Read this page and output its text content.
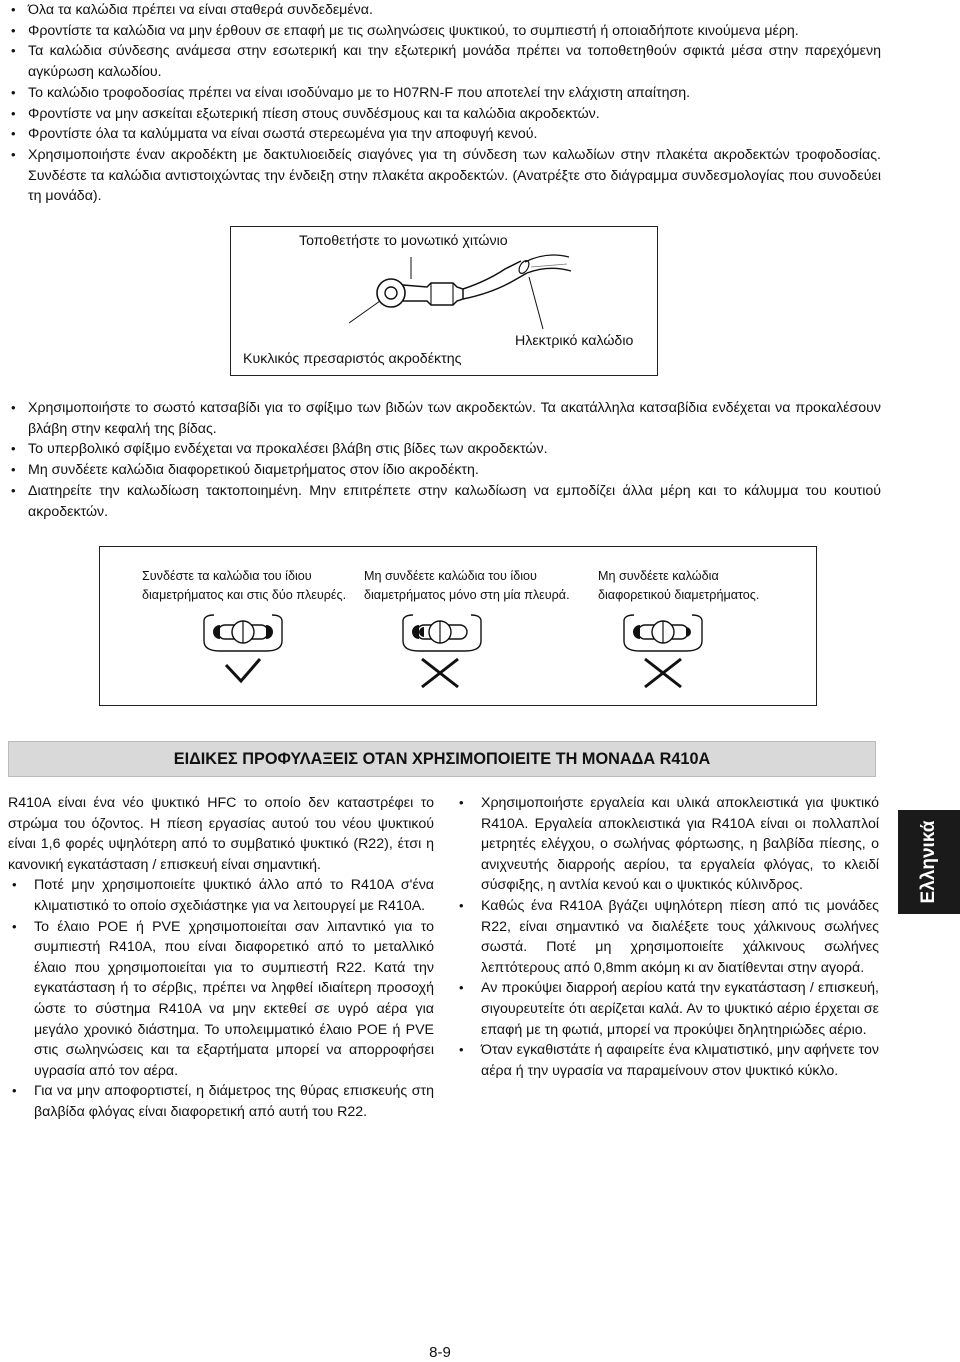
• Όλα τα καλώδια πρέπει να είναι σταθερά συνδεδεμένα.
• Φροντίστε τα καλώδια να μην έρθουν σε επαφή με τις σωληνώσεις ψυκτικού, το συμπιεστή ή οποιαδήποτε κινούμενα μέρη.
• Τα καλώδια σύνδεσης ανάμεσα στην εσωτερική και την εξωτερική μονάδα πρέπει να τοποθετηθούν σφικτά μέσα στην παρεχόμενη αγκύρωση καλωδίου.
• Το καλώδιο τροφοδοσίας πρέπει να είναι ισοδύναμο με το H07RN-F που αποτελεί την ελάχιστη απαίτηση.
• Φροντίστε να μην ασκείται εξωτερική πίεση στους συνδέσμους και τα καλώδια ακροδεκτών.
• Φροντίστε όλα τα καλύμματα να είναι σωστά στερεωμένα για την αποφυγή κενού.
• Χρησιμοποιήστε έναν ακροδέκτη με δακτυλιοειδείς σιαγόνες για τη σύνδεση των καλωδίων στην πλακέτα ακροδεκτών τροφοδοσίας. Συνδέστε τα καλώδια αντιστοιχώντας την ένδειξη στην πλακέτα ακροδεκτών. (Ανατρέξτε στο διάγραμμα συνδεσμολογίας που συνοδεύει τη μονάδα).
Τοποθετήστε το μονωτικό χιτώνιο
Κυκλικός πρεσαριστός ακροδέκτης
Ηλεκτρικό καλώδιο
• Χρησιμοποιήστε το σωστό κατσαβίδι για το σφίξιμο των βιδών των ακροδεκτών. Τα ακατάλληλα κατσαβίδια ενδέχεται να προκαλέσουν βλάβη στην κεφαλή της βίδας.
• Το υπερβολικό σφίξιμο ενδέχεται να προκαλέσει βλάβη στις βίδες των ακροδεκτών.
• Μη συνδέετε καλώδια διαφορετικού διαμετρήματος στον ίδιο ακροδέκτη.
• Διατηρείτε την καλωδίωση τακτοποιημένη. Μην επιτρέπετε στην καλωδίωση να εμποδίζει άλλα μέρη και το κάλυμμα του κουτιού ακροδεκτών.
Συνδέστε τα καλώδια του ίδιου
διαμετρήματος και στις δύο πλευρές.
Μη συνδέετε καλώδια του ίδιου
διαμετρήματος μόνο στη μία πλευρά.
Μη συνδέετε καλώδια
διαφορετικού διαμετρήματος.
ΕΙΔΙΚΕΣ ΠΡΟΦΥΛΑΞΕΙΣ ΟΤΑΝ ΧΡΗΣΙΜΟΠΟΙΕΙΤΕ ΤΗ ΜΟΝΑΔΑ R410A

R410A είναι ένα νέο ψυκτικό HFC το οποίο δεν καταστρέφει το στρώμα του όζοντος. Η πίεση εργασίας αυτού του νέου ψυκτικού είναι 1,6 φορές υψηλότερη από το συμβατικό ψυκτικό (R22), έτσι η κανονική εγκατάσταση / επισκευή είναι σημαντική.

• Ποτέ μην χρησιμοποιείτε ψυκτικό άλλο από το R410A σ'ένα κλιματιστικό το οποίο σχεδιάστηκε για να λειτουργεί με R410A.
• Το έλαιο POE ή PVE χρησιμοποιείται σαν λιπαντικό για το συμπιεστή R410A, που είναι διαφορετικό από το μεταλλικό έλαιο που χρησιμοποιείται για το συμπιεστή R22. Κατά την εγκατάσταση ή το σέρβις, πρέπει να ληφθεί ιδιαίτερη προσοχή ώστε το σύστημα R410A να μην εκτεθεί σε υγρό αέρα για μεγάλο χρονικό διάστημα. Το υπολειμματικό έλαιο POE ή PVE στις σωληνώσεις και τα εξαρτήματα μπορεί να απορροφήσει υγρασία από τον αέρα.
• Για να μην αποφορτιστεί, η διάμετρος της θύρας επισκευής στη βαλβίδα φλόγας είναι διαφορετική από αυτή του R22.
• Χρησιμοποιήστε εργαλεία και υλικά αποκλειστικά για ψυκτικό R410A. Εργαλεία αποκλειστικά για R410A είναι οι πολλαπλοί μετρητές ελέγχου, ο σωλήνας φόρτωσης, η βαλβίδα πίεσης, ο ανιχνευτής διαρροής αερίου, τα εργαλεία φλόγας, το κλειδί σύσφιξης, η αντλία κενού και ο ψυκτικός κύλινδρος.
• Καθώς ένα R410A βγάζει υψηλότερη πίεση από τις μονάδες R22, είναι σημαντικό να διαλέξετε τους χάλκινους σωλήνες σωστά. Ποτέ μη χρησιμοποιείτε χάλκινους σωλήνες λεπτότερους από 0,8mm ακόμη κι αν διατίθενται στην αγορά.
• Αν προκύψει διαρροή αερίου κατά την εγκατάσταση / επισκευή, σιγουρευτείτε ότι αερίζεται καλά. Αν το ψυκτικό αέριο έρχεται σε επαφή με τη φωτιά, μπορεί να προκύψει δηλητηριώδες αέριο.
• Όταν εγκαθιστάτε ή αφαιρείτε ένα κλιματιστικό, μην αφήνετε τον αέρα ή την υγρασία να παραμείνουν στον ψυκτικό κύκλο.
Ελληνικά
8-9
